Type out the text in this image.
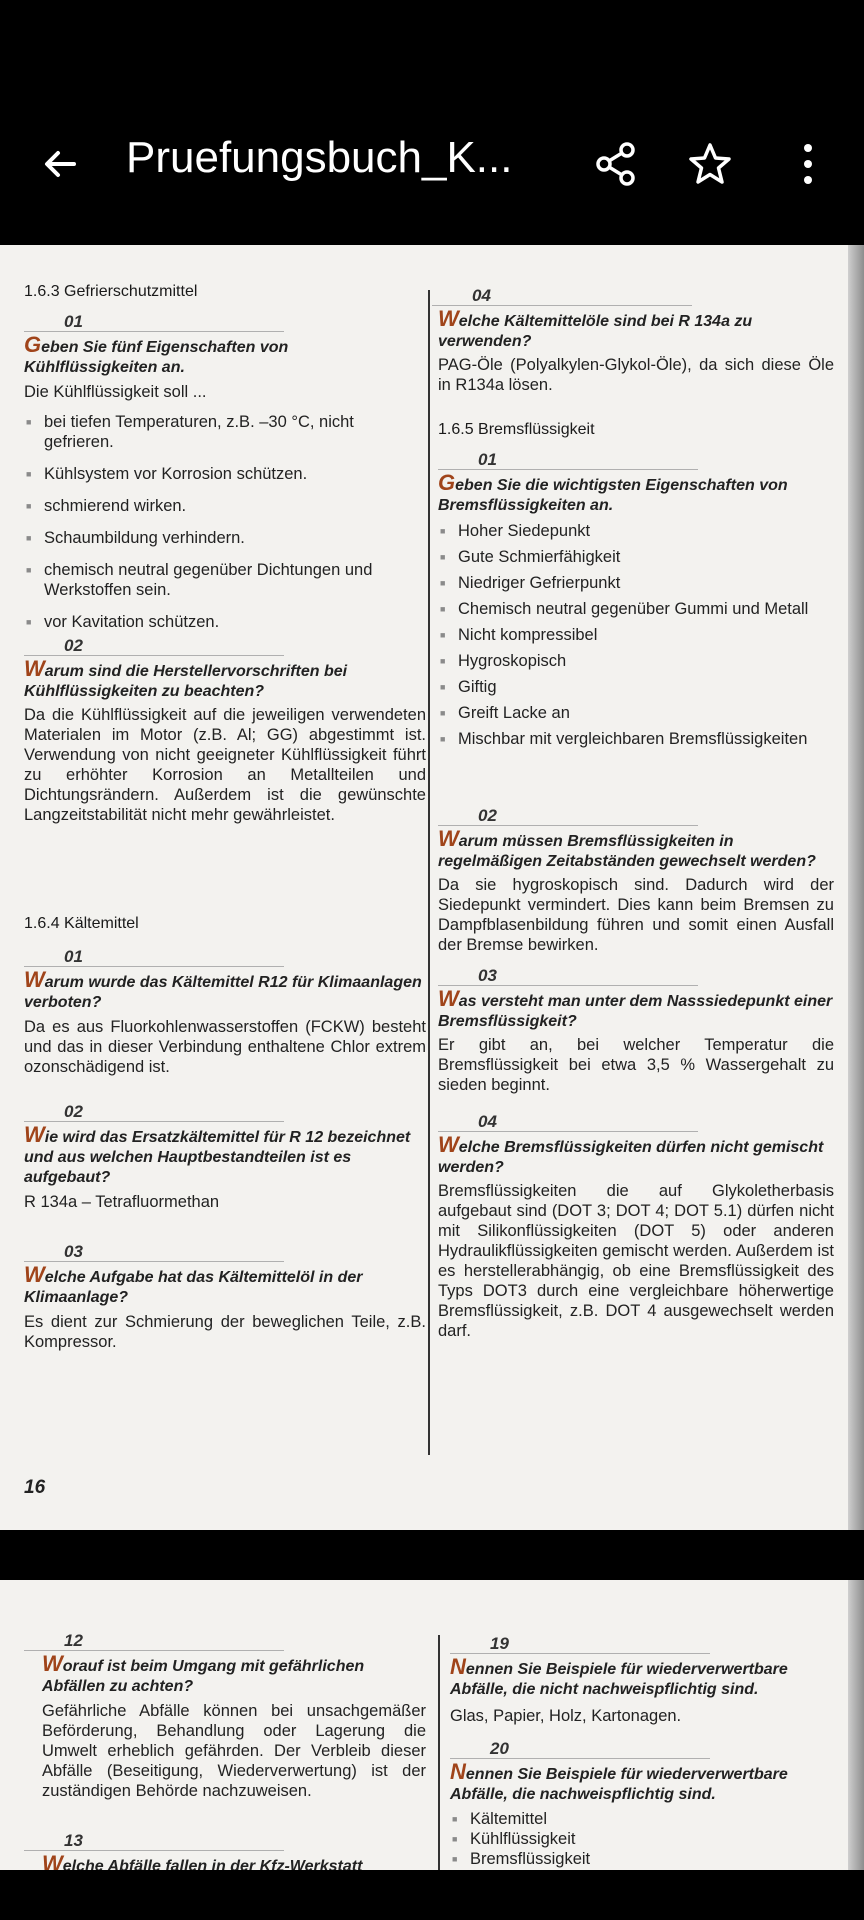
Pruefungsbuch_K...
1.6.3 Gefrierschutzmittel
01
Geben Sie fünf Eigenschaften von Kühlflüssigkeiten an.
Die Kühlflüssigkeit soll ...
■ bei tiefen Temperaturen, z.B. –30 °C, nicht gefrieren.
■ Kühlsystem vor Korrosion schützen.
■ schmierend wirken.
■ Schaumbildung verhindern.
■ chemisch neutral gegenüber Dichtungen und Werkstoffen sein.
■ vor Kavitation schützen.
02
Warum sind die Herstellervorschriften bei Kühlflüssigkeiten zu beachten?
Da die Kühlflüssigkeit auf die jeweiligen verwendeten Materialen im Motor (z.B. Al; GG) abgestimmt ist. Verwendung von nicht geeigneter Kühlflüssigkeit führt zu erhöhter Korrosion an Metallteilen und Dichtungsrändern. Außerdem ist die gewünschte Langzeitstabilität nicht mehr gewährleistet.
1.6.4 Kältemittel
01
Warum wurde das Kältemittel R12 für Klimaanlagen verboten?
Da es aus Fluorkohlenwasserstoffen (FCKW) besteht und das in dieser Verbindung enthaltene Chlor extrem ozonschädigend ist.
02
Wie wird das Ersatzkältemittel für R 12 bezeichnet und aus welchen Hauptbestandteilen ist es aufgebaut?
R 134a – Tetrafluormethan
03
Welche Aufgabe hat das Kältemittelöl in der Klimaanlage?
Es dient zur Schmierung der beweglichen Teile, z.B. Kompressor.
16
04
Welche Kältemittelöle sind bei R 134a zu verwenden?
PAG-Öle (Polyalkylen-Glykol-Öle), da sich diese Öle in R134a lösen.
1.6.5 Bremsflüssigkeit
01
Geben Sie die wichtigsten Eigenschaften von Bremsflüssigkeiten an.
■ Hoher Siedepunkt
■ Gute Schmierfähigkeit
■ Niedriger Gefrierpunkt
■ Chemisch neutral gegenüber Gummi und Metall
■ Nicht kompressibel
■ Hygroskopisch
■ Giftig
■ Greift Lacke an
■ Mischbar mit vergleichbaren Bremsflüssigkeiten
02
Warum müssen Bremsflüssigkeiten in regelmäßigen Zeitabständen gewechselt werden?
Da sie hygroskopisch sind. Dadurch wird der Siedepunkt vermindert. Dies kann beim Bremsen zu Dampfblasenbildung führen und somit einen Ausfall der Bremse bewirken.
03
Was versteht man unter dem Nasssiedepunkt einer Bremsflüssigkeit?
Er gibt an, bei welcher Temperatur die Bremsflüssigkeit bei etwa 3,5 % Wassergehalt zu sieden beginnt.
04
Welche Bremsflüssigkeiten dürfen nicht gemischt werden?
Bremsflüssigkeiten die auf Glykoletherbasis aufgebaut sind (DOT 3; DOT 4; DOT 5.1) dürfen nicht mit Silikonflüssigkeiten (DOT 5) oder anderen Hydraulikflüssigkeiten gemischt werden. Außerdem ist es herstellerabhängig, ob eine Bremsflüssigkeit des Typs DOT3 durch eine vergleichbare höherwertige Bremsflüssigkeit, z.B. DOT 4 ausgewechselt werden darf.
12
Worauf ist beim Umgang mit gefährlichen Abfällen zu achten?
Gefährliche Abfälle können bei unsachgemäßer Beförderung, Behandlung oder Lagerung die Umwelt erheblich gefährden. Der Verbleib dieser Abfälle (Beseitigung, Wiederverwertung) ist der zuständigen Behörde nachzuweisen.
13
Welche Abfälle fallen in der Kfz-Werkstatt
19
Nennen Sie Beispiele für wiederverwertbare Abfälle, die nicht nachweispflichtig sind.
Glas, Papier, Holz, Kartonagen.
20
Nennen Sie Beispiele für wiederverwertbare Abfälle, die nachweispflichtig sind.
■ Kältemittel
■ Kühlflüssigkeit
■ Bremsflüssigkeit
